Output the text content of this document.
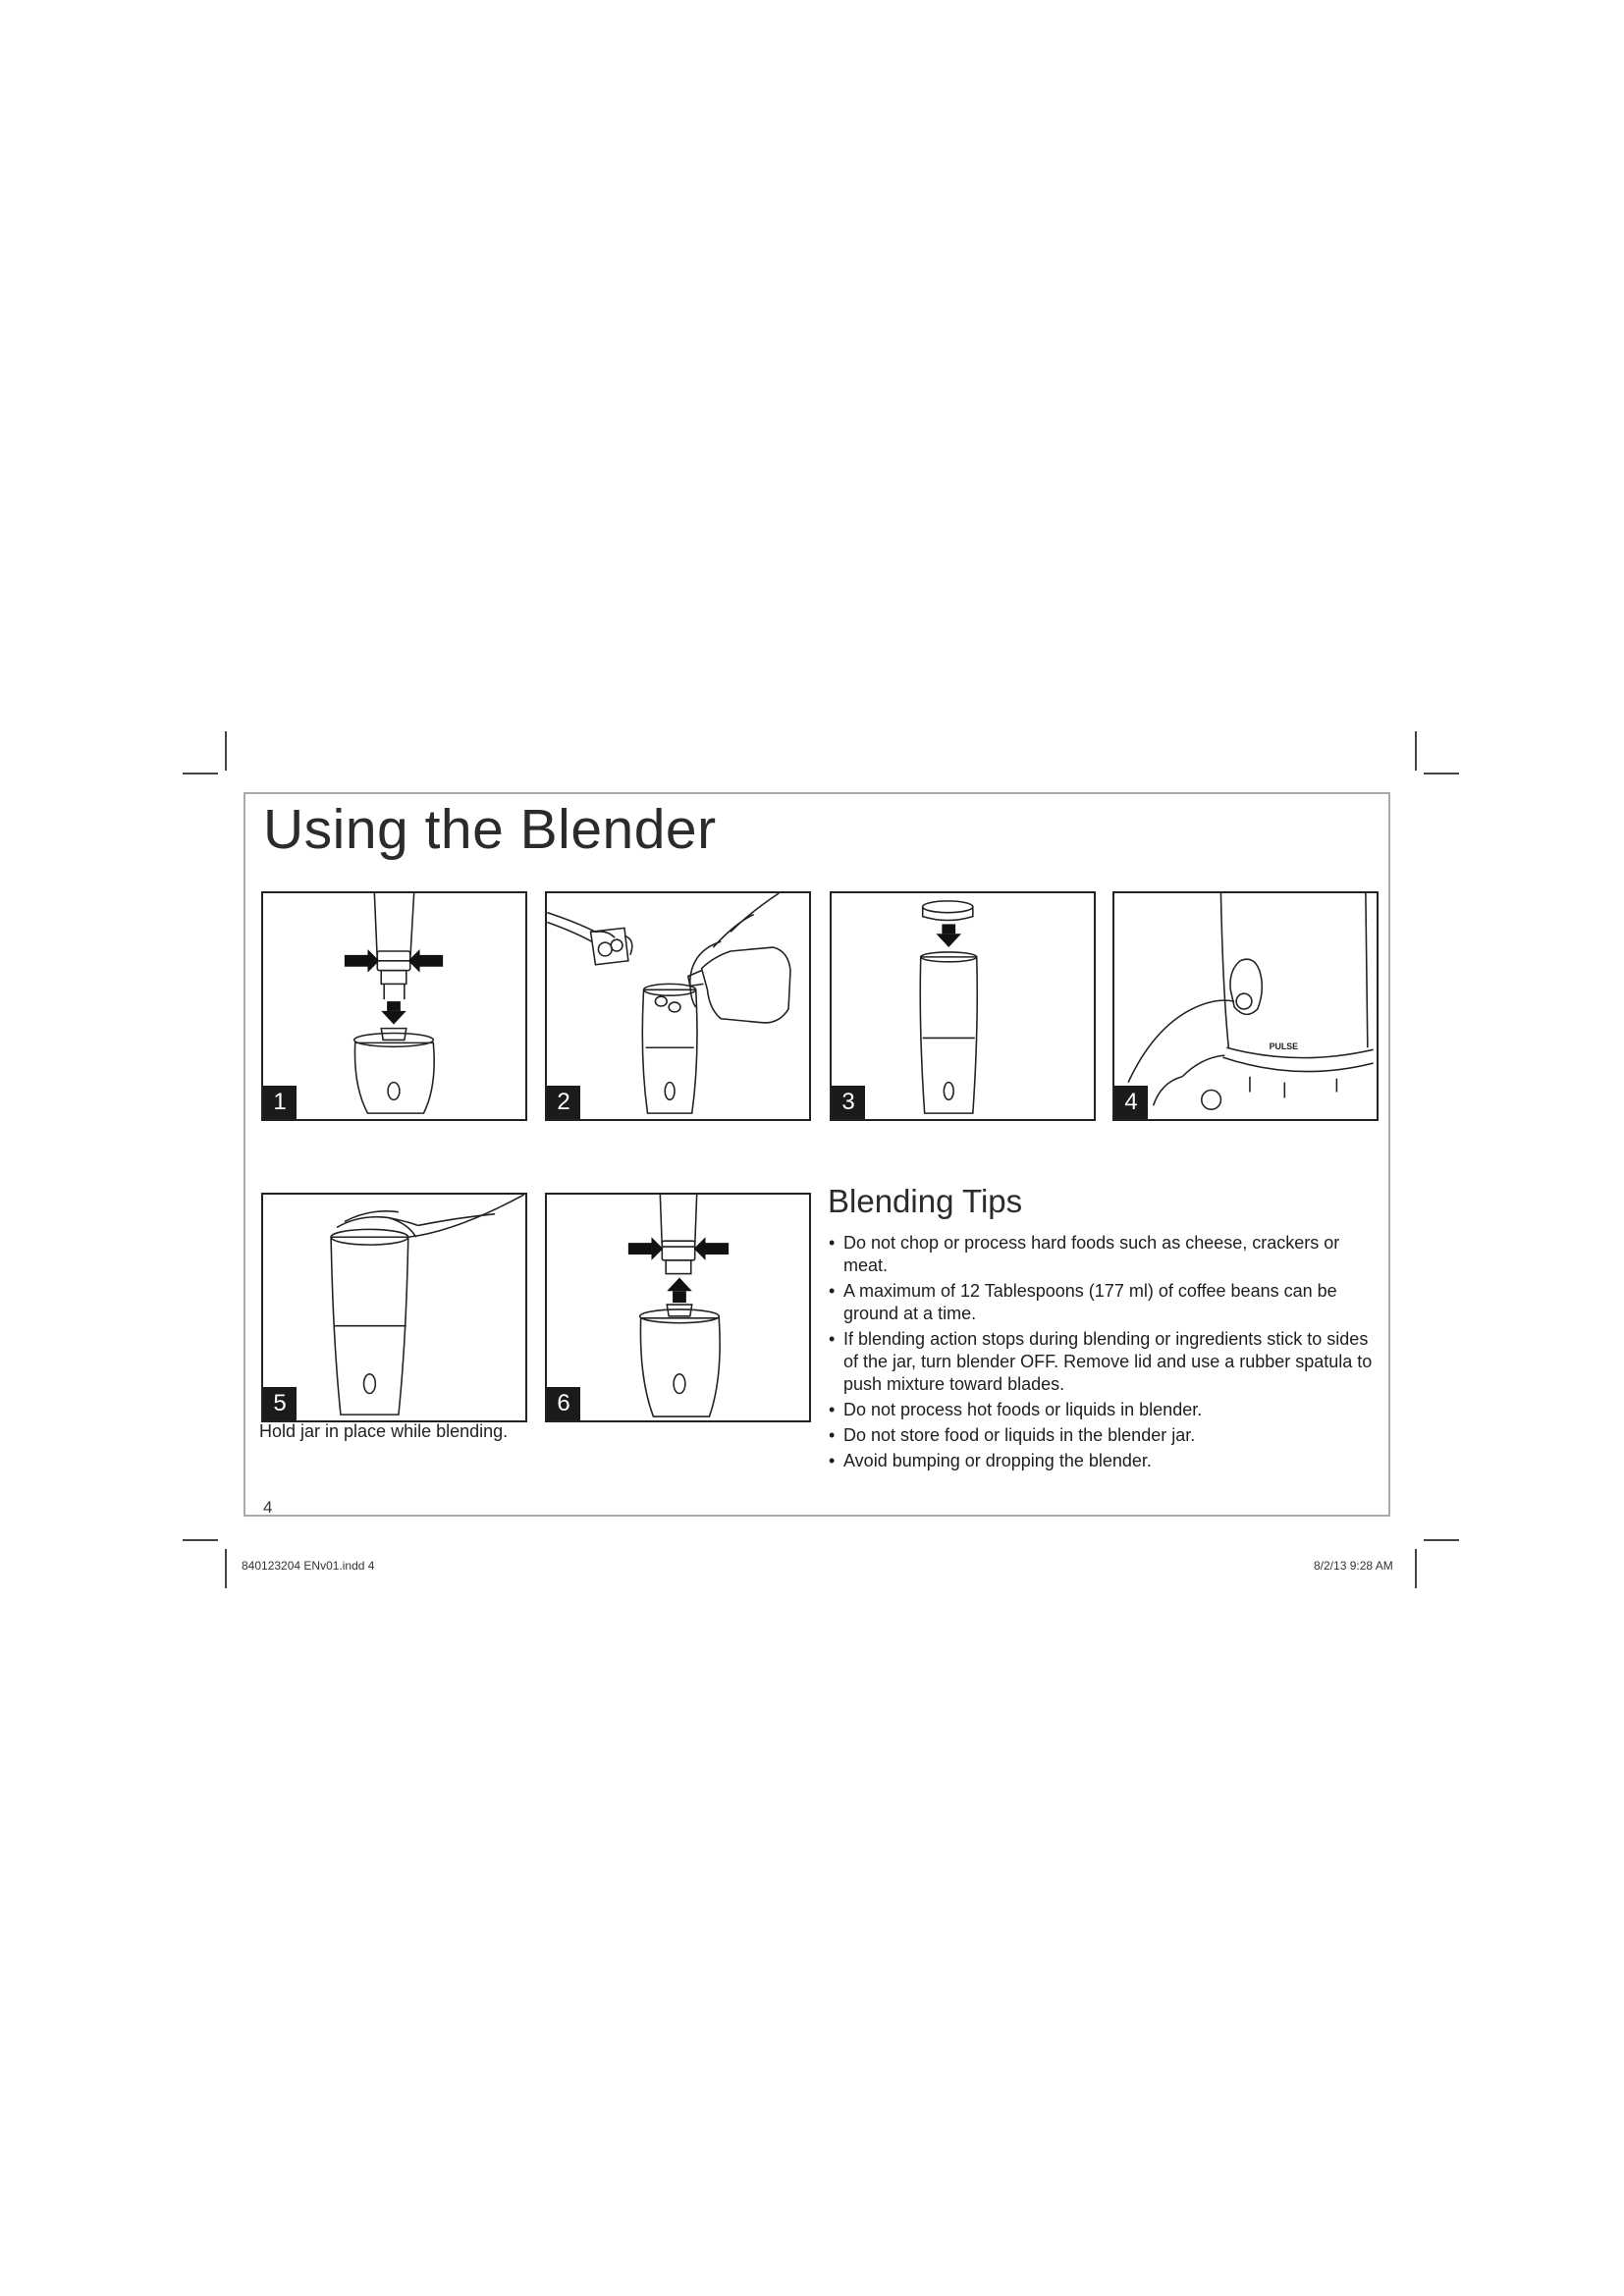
Using the Blender
1	2	3
PULSE
4
5	6
Hold jar in place while blending.
Blending Tips
• Do not chop or process hard foods such as cheese, crackers or meat.
• A maximum of 12 Tablespoons (177 ml) of coffee beans can be ground at a time.
• If blending action stops during blending or ingredients stick to sides of the jar, turn blender OFF. Remove lid and use a rubber spatula to push mixture toward blades.
• Do not process hot foods or liquids in blender.
• Do not store food or liquids in the blender jar.
• Avoid bumping or dropping the blender.
4
840123204 ENv01.indd 4	8/2/13 9:28 AM
